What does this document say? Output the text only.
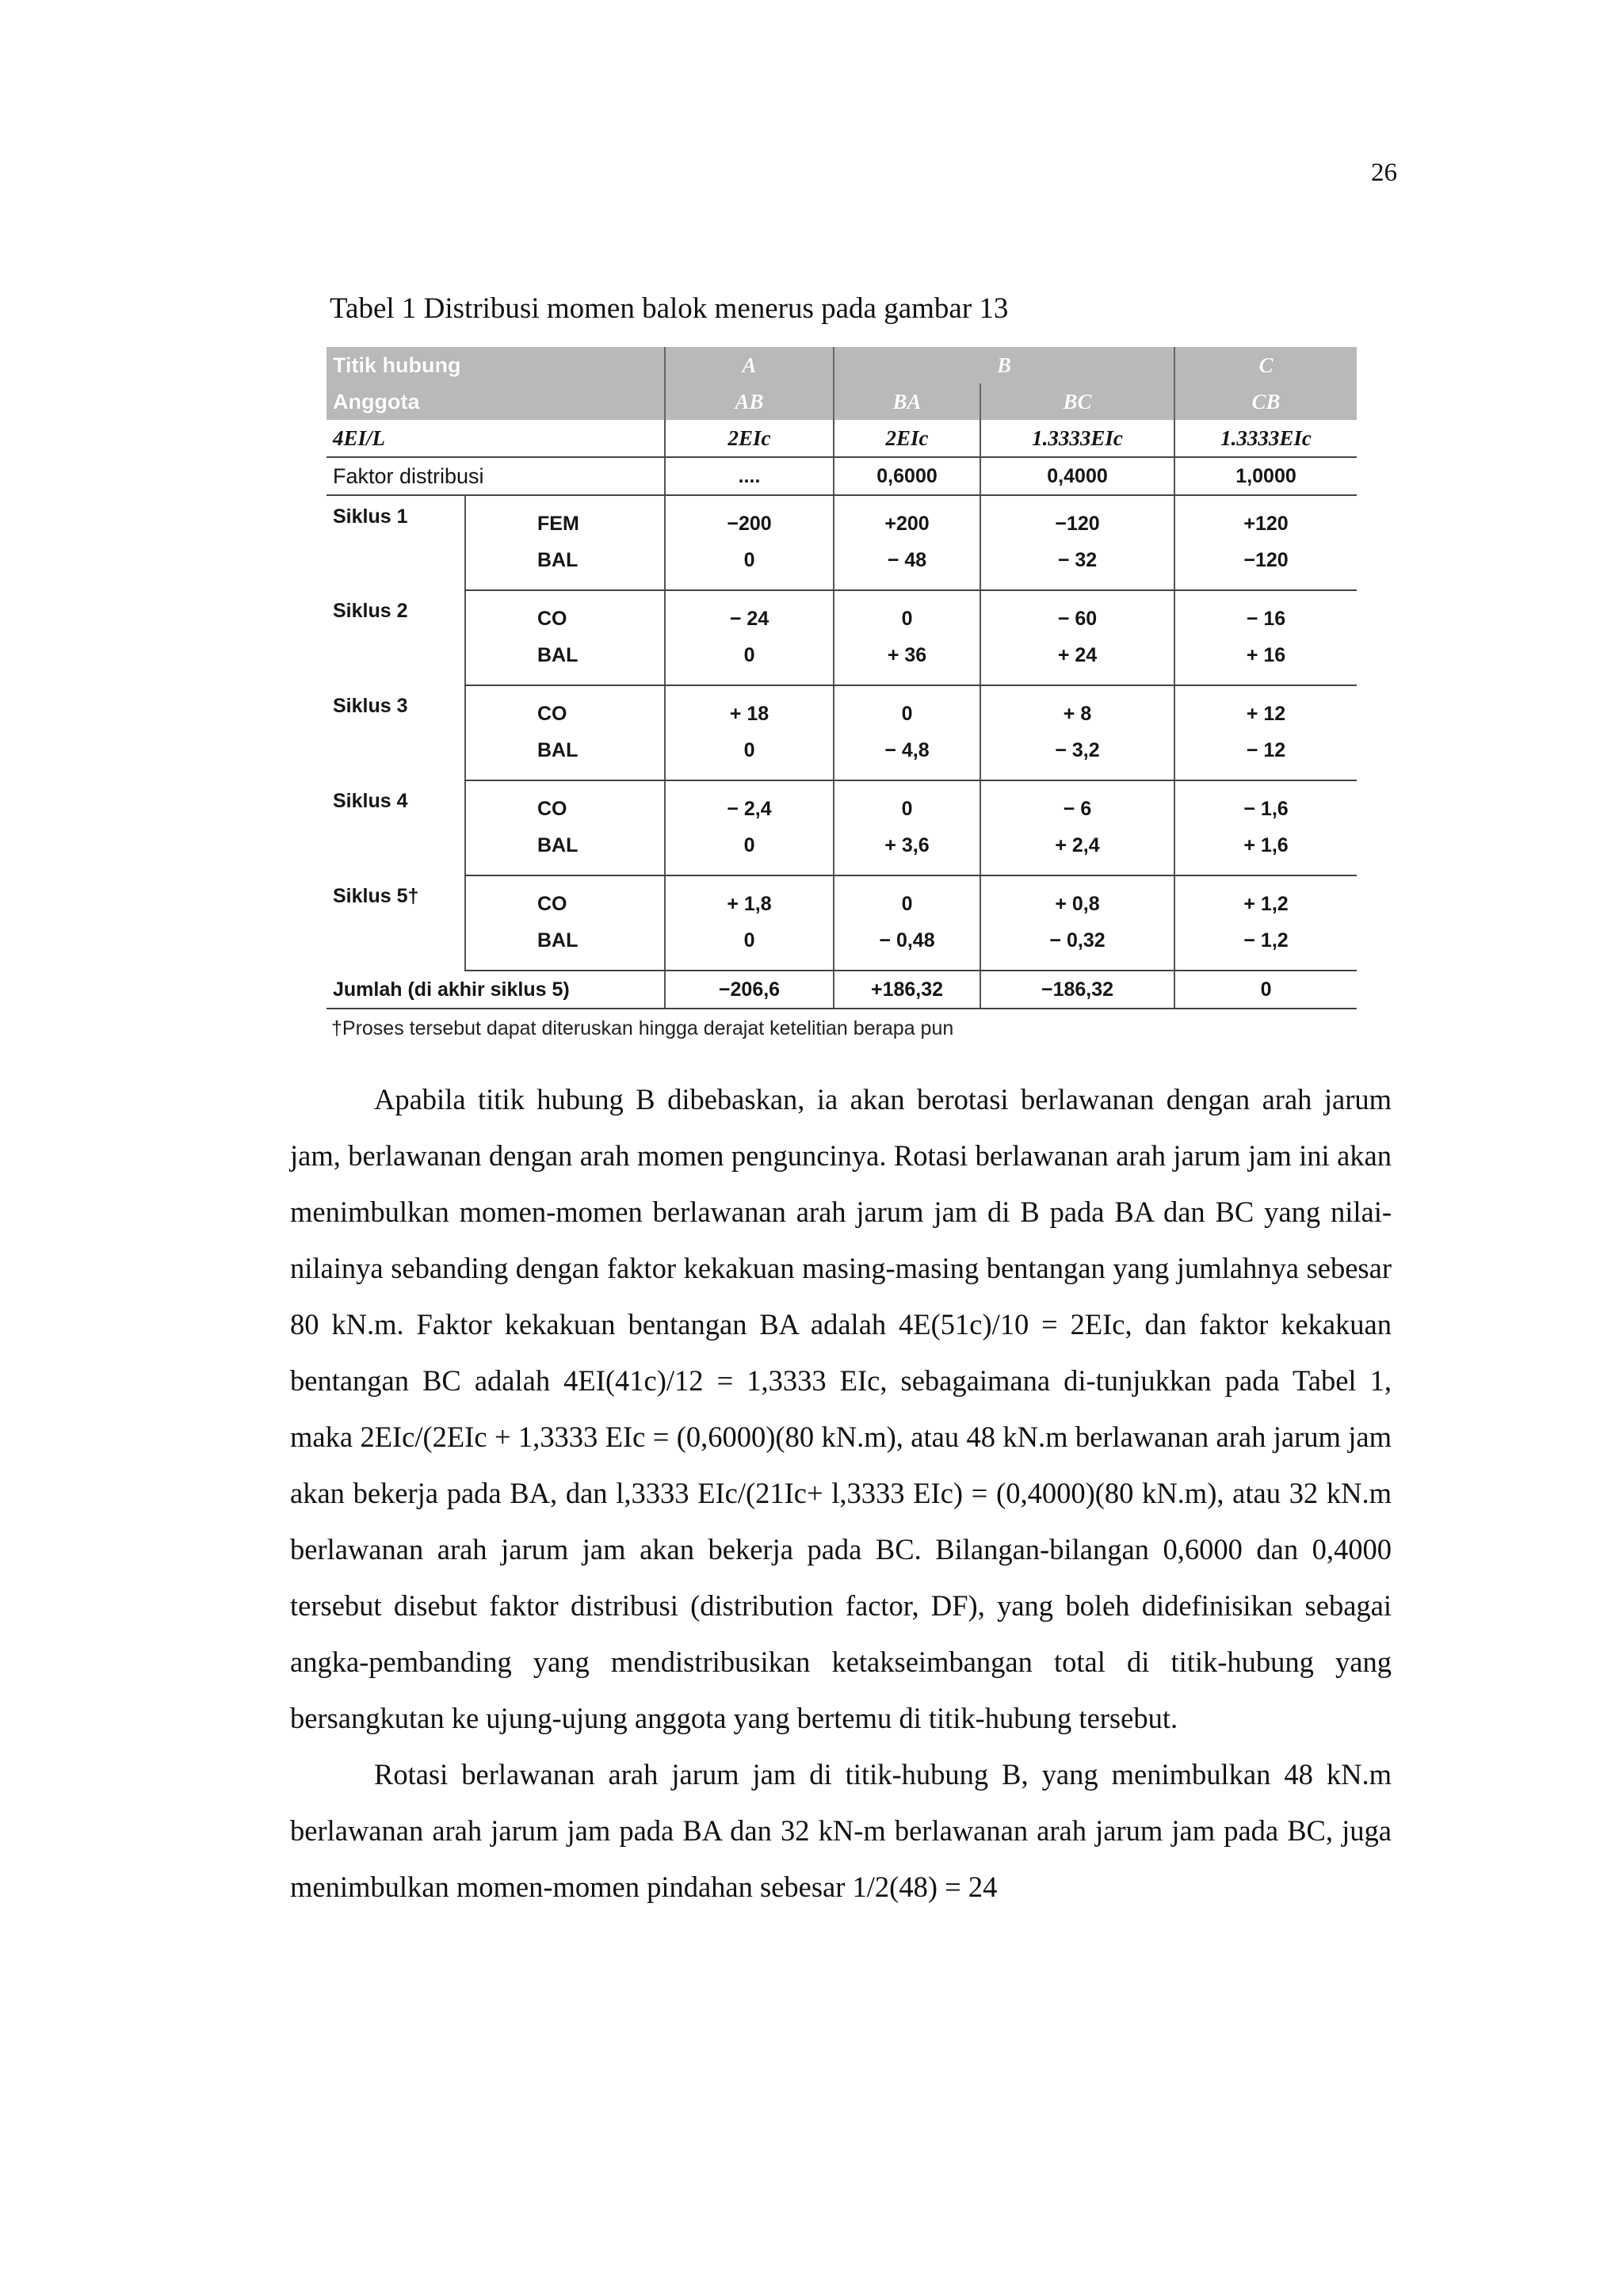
26
Tabel 1 Distribusi momen balok menerus pada gambar 13
Titik hubung		A	B		C
Anggota		AB	BA	BC	CB
4EI/L		2EIc	2EIc	1.3333EIc	1.3333EIc
Faktor distribusi		....	0,6000	0,4000	1,0000
Siklus 1	FEM	−200	+200	−120	+120
	BAL	0	− 48	− 32	−120
Siklus 2	CO	− 24	0	− 60	− 16
	BAL	0	+ 36	+ 24	+ 16
Siklus 3	CO	+ 18	0	+ 8	+ 12
	BAL	0	− 4,8	− 3,2	− 12
Siklus 4	CO	− 2,4	0	− 6	− 1,6
	BAL	0	+ 3,6	+ 2,4	+ 1,6
Siklus 5†	CO	+ 1,8	0	+ 0,8	+ 1,2
	BAL	0	− 0,48	− 0,32	− 1,2
Jumlah (di akhir siklus 5)		−206,6	+186,32	−186,32	0
†Proses tersebut dapat diteruskan hingga derajat ketelitian berapa pun

Apabila titik hubung B dibebaskan, ia akan berotasi berlawanan dengan arah jarum jam, berlawanan dengan arah momen penguncinya. Rotasi berlawanan arah jarum jam ini akan menimbulkan momen-momen berlawanan arah jarum jam di B pada BA dan BC yang nilai-nilainya sebanding dengan faktor kekakuan masing-masing bentangan yang jumlahnya sebesar 80 kN.m. Faktor kekakuan bentangan BA adalah 4E(51c)/10 = 2EIc, dan faktor kekakuan bentangan BC adalah 4EI(41c)/12 = 1,3333 EIc, sebagaimana di-tunjukkan pada Tabel 1, maka 2EIc/(2EIc + 1,3333 EIc = (0,6000)(80 kN.m), atau 48 kN.m berlawanan arah jarum jam akan bekerja pada BA, dan l,3333 EIc/(21Ic+ l,3333 EIc) = (0,4000)(80 kN.m), atau 32 kN.m berlawanan arah jarum jam akan bekerja pada BC. Bilangan-bilangan 0,6000 dan 0,4000 tersebut disebut faktor distribusi (distribution factor, DF), yang boleh didefinisikan sebagai angka-pembanding yang mendistribusikan ketakseimbangan total di titik-hubung yang bersangkutan ke ujung-ujung anggota yang bertemu di titik-hubung tersebut.

Rotasi berlawanan arah jarum jam di titik-hubung B, yang menimbulkan 48 kN.m berlawanan arah jarum jam pada BA dan 32 kN-m berlawanan arah jarum jam pada BC, juga menimbulkan momen-momen pindahan sebesar 1/2(48) = 24
